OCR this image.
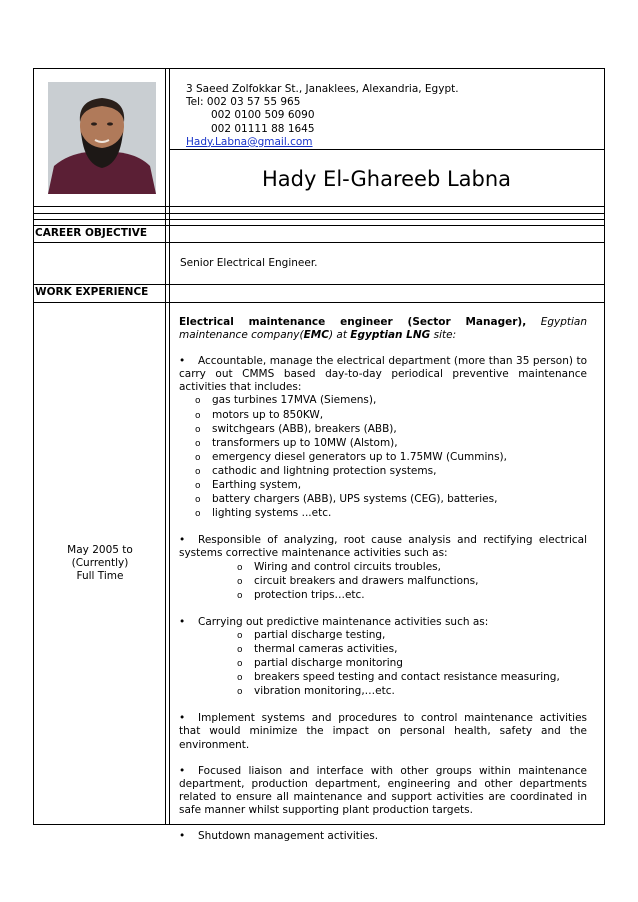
3 Saeed Zolfokkar St., Janaklees, Alexandria, Egypt.
Tel: 002 03 57 55 965
002 0100 509 6090
002 01111 88 1645
Hady.Labna@gmail.com
Hady El-Ghareeb Labna
CAREER OBJECTIVE
Senior Electrical Engineer.
WORK EXPERIENCE
May 2005 to
(Currently)
Full Time

Electrical maintenance engineer (Sector Manager), Egyptian maintenance company(EMC) at Egyptian LNG site:

• Accountable, manage the electrical department (more than 35 person) to carry out CMMS based day-to-day periodical preventive maintenance activities that includes:

o gas turbines 17MVA (Siemens),
o motors up to 850KW,
o switchgears (ABB), breakers (ABB),
o transformers up to 10MW (Alstom),
o emergency diesel generators up to 1.75MW (Cummins),
o cathodic and lightning protection systems,
o Earthing system,
o battery chargers (ABB), UPS systems (CEG), batteries,
o lighting systems ...etc.

• Responsible of analyzing, root cause analysis and rectifying electrical systems corrective maintenance activities such as:

o Wiring and control circuits troubles,
o circuit breakers and drawers malfunctions,
o protection trips…etc.

• Carrying out predictive maintenance activities such as:

o partial discharge testing,
o thermal cameras activities,
o partial discharge monitoring
o breakers speed testing and contact resistance measuring,
o vibration monitoring,…etc.

• Implement systems and procedures to control maintenance activities that would minimize the impact on personal health, safety and the environment.

• Focused liaison and interface with other groups within maintenance department, production department, engineering and other departments related to ensure all maintenance and support activities are coordinated in safe manner whilst supporting plant production targets.

• Shutdown management activities.
